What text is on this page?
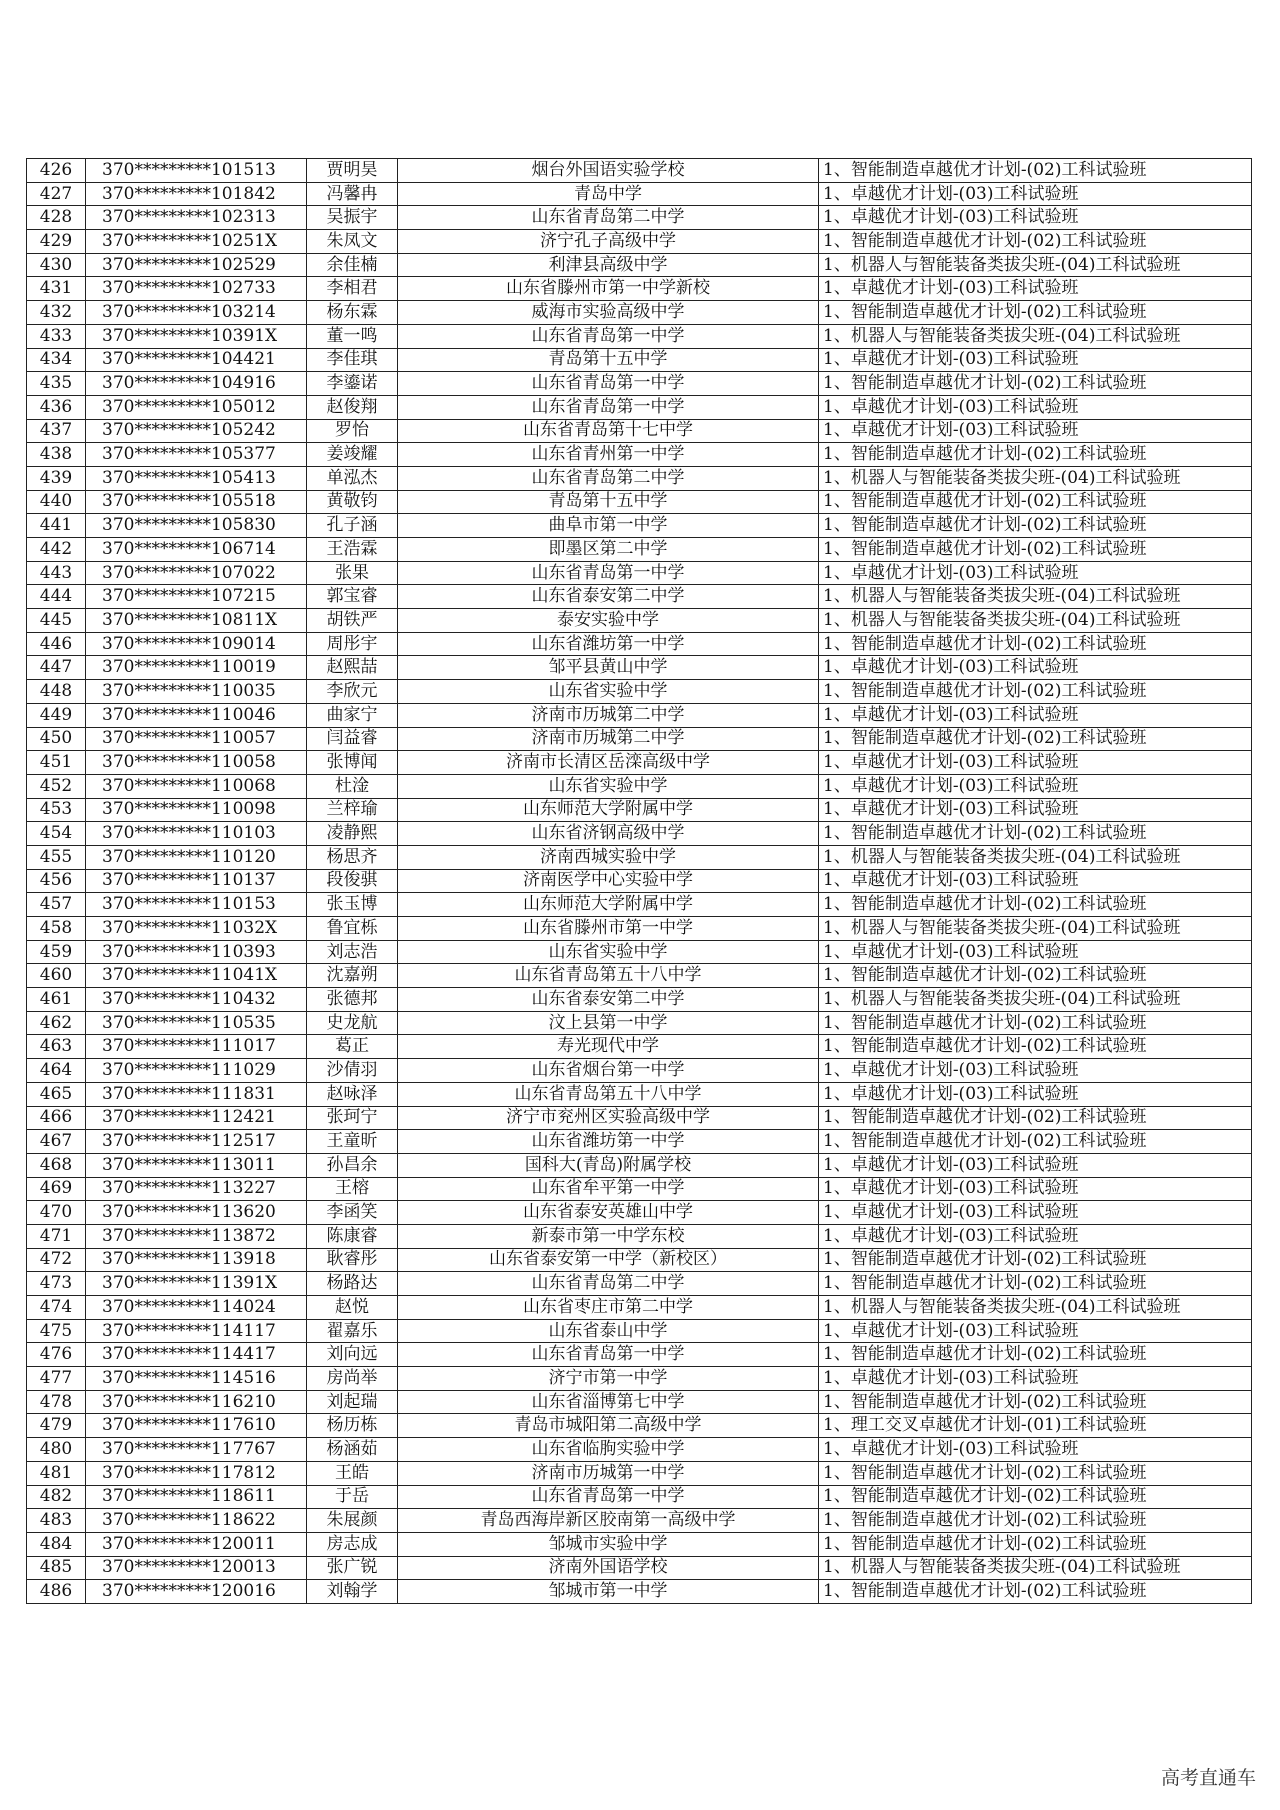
426	370*********101513	贾明昊	烟台外国语实验学校	1、智能制造卓越优才计划-(02)工科试验班
427	370*********101842	冯馨冉	青岛中学	1、卓越优才计划-(03)工科试验班
428	370*********102313	吴振宇	山东省青岛第二中学	1、卓越优才计划-(03)工科试验班
429	370*********10251X	朱凤文	济宁孔子高级中学	1、智能制造卓越优才计划-(02)工科试验班
430	370*********102529	余佳楠	利津县高级中学	1、机器人与智能装备类拔尖班-(04)工科试验班
431	370*********102733	李相君	山东省滕州市第一中学新校	1、卓越优才计划-(03)工科试验班
432	370*********103214	杨东霖	威海市实验高级中学	1、智能制造卓越优才计划-(02)工科试验班
433	370*********10391X	董一鸣	山东省青岛第一中学	1、机器人与智能装备类拔尖班-(04)工科试验班
434	370*********104421	李佳琪	青岛第十五中学	1、卓越优才计划-(03)工科试验班
435	370*********104916	李鎏诺	山东省青岛第一中学	1、智能制造卓越优才计划-(02)工科试验班
436	370*********105012	赵俊翔	山东省青岛第一中学	1、卓越优才计划-(03)工科试验班
437	370*********105242	罗怡	山东省青岛第十七中学	1、卓越优才计划-(03)工科试验班
438	370*********105377	姜竣耀	山东省青州第一中学	1、智能制造卓越优才计划-(02)工科试验班
439	370*********105413	单泓杰	山东省青岛第二中学	1、机器人与智能装备类拔尖班-(04)工科试验班
440	370*********105518	黄敬钧	青岛第十五中学	1、智能制造卓越优才计划-(02)工科试验班
441	370*********105830	孔子涵	曲阜市第一中学	1、智能制造卓越优才计划-(02)工科试验班
442	370*********106714	王浩霖	即墨区第二中学	1、智能制造卓越优才计划-(02)工科试验班
443	370*********107022	张果	山东省青岛第一中学	1、卓越优才计划-(03)工科试验班
444	370*********107215	郭宝睿	山东省泰安第二中学	1、机器人与智能装备类拔尖班-(04)工科试验班
445	370*********10811X	胡铁严	泰安实验中学	1、机器人与智能装备类拔尖班-(04)工科试验班
446	370*********109014	周彤宇	山东省潍坊第一中学	1、智能制造卓越优才计划-(02)工科试验班
447	370*********110019	赵熙喆	邹平县黄山中学	1、卓越优才计划-(03)工科试验班
448	370*********110035	李欣元	山东省实验中学	1、智能制造卓越优才计划-(02)工科试验班
449	370*********110046	曲家宁	济南市历城第二中学	1、卓越优才计划-(03)工科试验班
450	370*********110057	闫益睿	济南市历城第二中学	1、智能制造卓越优才计划-(02)工科试验班
451	370*********110058	张博闻	济南市长清区岳滦高级中学	1、卓越优才计划-(03)工科试验班
452	370*********110068	杜淦	山东省实验中学	1、卓越优才计划-(03)工科试验班
453	370*********110098	兰梓瑜	山东师范大学附属中学	1、卓越优才计划-(03)工科试验班
454	370*********110103	凌静熙	山东省济钢高级中学	1、智能制造卓越优才计划-(02)工科试验班
455	370*********110120	杨思齐	济南西城实验中学	1、机器人与智能装备类拔尖班-(04)工科试验班
456	370*********110137	段俊骐	济南医学中心实验中学	1、卓越优才计划-(03)工科试验班
457	370*********110153	张玉博	山东师范大学附属中学	1、智能制造卓越优才计划-(02)工科试验班
458	370*********11032X	鲁宜栎	山东省滕州市第一中学	1、机器人与智能装备类拔尖班-(04)工科试验班
459	370*********110393	刘志浩	山东省实验中学	1、卓越优才计划-(03)工科试验班
460	370*********11041X	沈嘉朔	山东省青岛第五十八中学	1、智能制造卓越优才计划-(02)工科试验班
461	370*********110432	张德邦	山东省泰安第二中学	1、机器人与智能装备类拔尖班-(04)工科试验班
462	370*********110535	史龙航	汶上县第一中学	1、智能制造卓越优才计划-(02)工科试验班
463	370*********111017	葛正	寿光现代中学	1、智能制造卓越优才计划-(02)工科试验班
464	370*********111029	沙倩羽	山东省烟台第一中学	1、卓越优才计划-(03)工科试验班
465	370*********111831	赵咏泽	山东省青岛第五十八中学	1、卓越优才计划-(03)工科试验班
466	370*********112421	张珂宁	济宁市兖州区实验高级中学	1、智能制造卓越优才计划-(02)工科试验班
467	370*********112517	王童昕	山东省潍坊第一中学	1、智能制造卓越优才计划-(02)工科试验班
468	370*********113011	孙昌余	国科大(青岛)附属学校	1、卓越优才计划-(03)工科试验班
469	370*********113227	王榕	山东省牟平第一中学	1、卓越优才计划-(03)工科试验班
470	370*********113620	李函笑	山东省泰安英雄山中学	1、卓越优才计划-(03)工科试验班
471	370*********113872	陈康睿	新泰市第一中学东校	1、卓越优才计划-(03)工科试验班
472	370*********113918	耿睿彤	山东省泰安第一中学（新校区）	1、智能制造卓越优才计划-(02)工科试验班
473	370*********11391X	杨路达	山东省青岛第二中学	1、智能制造卓越优才计划-(02)工科试验班
474	370*********114024	赵悦	山东省枣庄市第二中学	1、机器人与智能装备类拔尖班-(04)工科试验班
475	370*********114117	翟嘉乐	山东省泰山中学	1、卓越优才计划-(03)工科试验班
476	370*********114417	刘向远	山东省青岛第一中学	1、智能制造卓越优才计划-(02)工科试验班
477	370*********114516	房尚举	济宁市第一中学	1、卓越优才计划-(03)工科试验班
478	370*********116210	刘起瑞	山东省淄博第七中学	1、智能制造卓越优才计划-(02)工科试验班
479	370*********117610	杨历栋	青岛市城阳第二高级中学	1、理工交叉卓越优才计划-(01)工科试验班
480	370*********117767	杨涵茹	山东省临朐实验中学	1、卓越优才计划-(03)工科试验班
481	370*********117812	王皓	济南市历城第一中学	1、智能制造卓越优才计划-(02)工科试验班
482	370*********118611	于岳	山东省青岛第一中学	1、智能制造卓越优才计划-(02)工科试验班
483	370*********118622	朱展颜	青岛西海岸新区胶南第一高级中学	1、智能制造卓越优才计划-(02)工科试验班
484	370*********120011	房志成	邹城市实验中学	1、智能制造卓越优才计划-(02)工科试验班
485	370*********120013	张广锐	济南外国语学校	1、机器人与智能装备类拔尖班-(04)工科试验班
486	370*********120016	刘翰学	邹城市第一中学	1、智能制造卓越优才计划-(02)工科试验班
高考直通车
